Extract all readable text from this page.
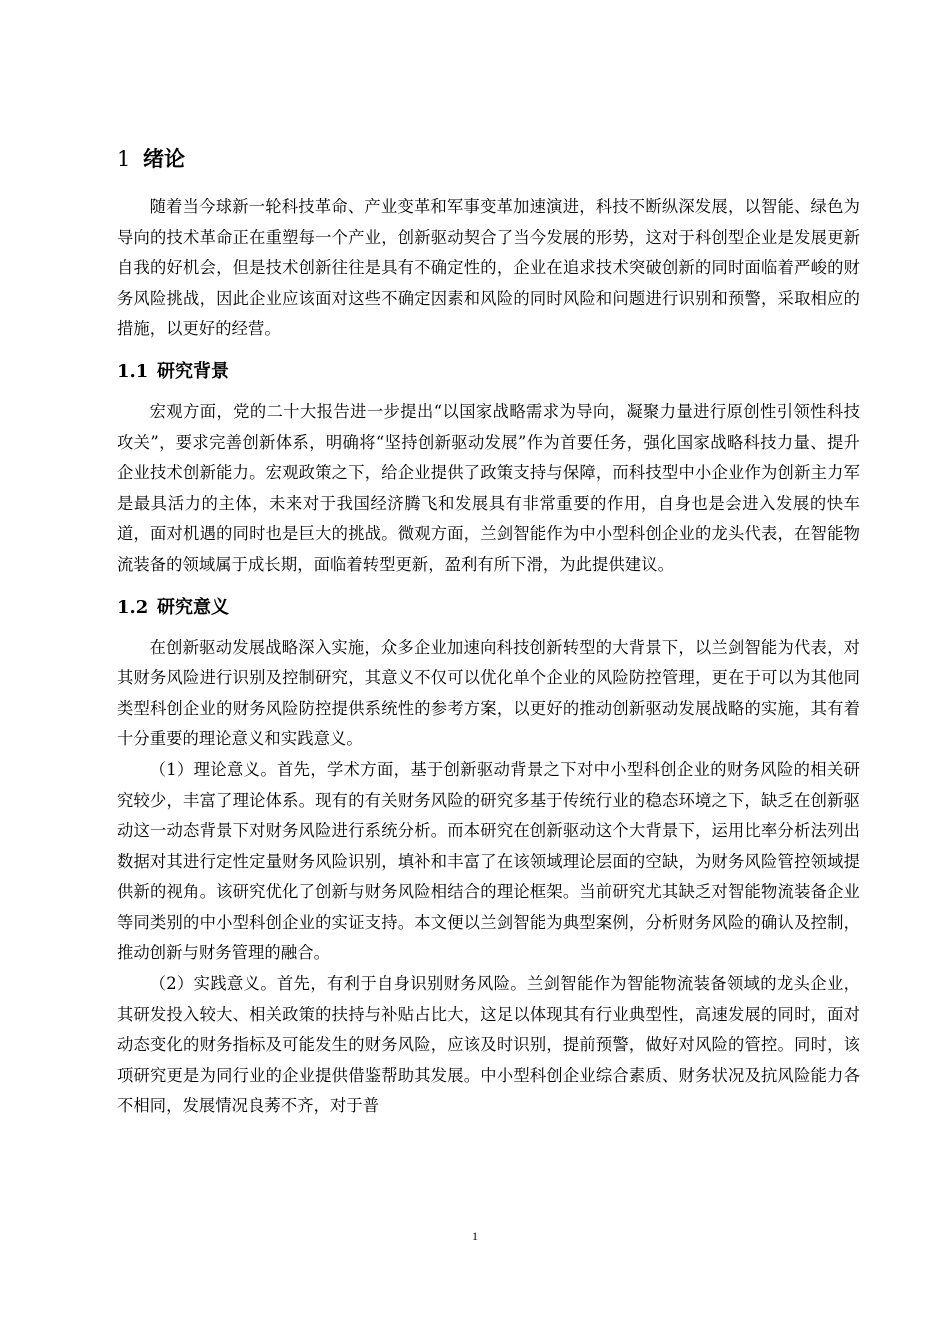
1 绪论

随着当今球新一轮科技革命、产业变革和军事变革加速演进，科技不断纵深发展，以智能、绿色为导向的技术革命正在重塑每一个产业，创新驱动契合了当今发展的形势，这对于科创型企业是发展更新自我的好机会，但是技术创新往往是具有不确定性的，企业在追求技术突破创新的同时面临着严峻的财务风险挑战，因此企业应该面对这些不确定因素和风险的同时风险和问题进行识别和预警，采取相应的措施，以更好的经营。

1.1 研究背景

宏观方面，党的二十大报告进一步提出“以国家战略需求为导向，凝聚力量进行原创性引领性科技攻关”，要求完善创新体系，明确将“坚持创新驱动发展”作为首要任务，强化国家战略科技力量、提升企业技术创新能力。宏观政策之下，给企业提供了政策支持与保障，而科技型中小企业作为创新主力军是最具活力的主体，未来对于我国经济腾飞和发展具有非常重要的作用，自身也是会进入发展的快车道，面对机遇的同时也是巨大的挑战。微观方面，兰剑智能作为中小型科创企业的龙头代表，在智能物流装备的领域属于成长期，面临着转型更新，盈利有所下滑，为此提供建议。

1.2 研究意义

在创新驱动发展战略深入实施，众多企业加速向科技创新转型的大背景下，以兰剑智能为代表，对其财务风险进行识别及控制研究，其意义不仅可以优化单个企业的风险防控管理，更在于可以为其他同类型科创企业的财务风险防控提供系统性的参考方案，以更好的推动创新驱动发展战略的实施，其有着十分重要的理论意义和实践意义。

（1）理论意义。首先，学术方面，基于创新驱动背景之下对中小型科创企业的财务风险的相关研究较少，丰富了理论体系。现有的有关财务风险的研究多基于传统行业的稳态环境之下，缺乏在创新驱动这一动态背景下对财务风险进行系统分析。而本研究在创新驱动这个大背景下，运用比率分析法列出数据对其进行定性定量财务风险识别，填补和丰富了在该领域理论层面的空缺，为财务风险管控领域提供新的视角。该研究优化了创新与财务风险相结合的理论框架。当前研究尤其缺乏对智能物流装备企业等同类别的中小型科创企业的实证支持。本文便以兰剑智能为典型案例，分析财务风险的确认及控制，推动创新与财务管理的融合。

（2）实践意义。首先，有利于自身识别财务风险。兰剑智能作为智能物流装备领域的龙头企业，其研发投入较大、相关政策的扶持与补贴占比大，这足以体现其有行业典型性，高速发展的同时，面对动态变化的财务指标及可能发生的财务风险，应该及时识别，提前预警，做好对风险的管控。同时，该项研究更是为同行业的企业提供借鉴帮助其发展。中小型科创企业综合素质、财务状况及抗风险能力各不相同，发展情况良莠不齐，对于普

1
